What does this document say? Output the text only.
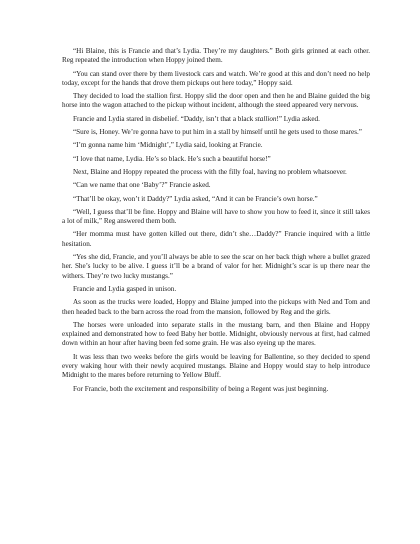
“Hi Blaine, this is Francie and that’s Lydia. They’re my daughters.” Both girls grinned at each other. Reg repeated the introduction when Hoppy joined them.

“You can stand over there by them livestock cars and watch. We’re good at this and don’t need no help today, except for the hands that drove them pickups out here today,” Hoppy said.

They decided to load the stallion first. Hoppy slid the door open and then he and Blaine guided the big horse into the wagon attached to the pickup without incident, although the steed appeared very nervous.

Francie and Lydia stared in disbelief. “Daddy, isn’t that a black stallion!” Lydia asked.

“Sure is, Honey. We’re gonna have to put him in a stall by himself until he gets used to those mares.”

“I’m gonna name him ‘Midnight’,” Lydia said, looking at Francie.

“I love that name, Lydia. He’s so black. He’s such a beautiful horse!”

Next, Blaine and Hoppy repeated the process with the filly foal, having no problem whatsoever.

“Can we name that one ‘Baby’?” Francie asked.

“That’ll be okay, won’t it Daddy?” Lydia asked, “And it can be Francie’s own horse.”

“Well, I guess that’ll be fine. Hoppy and Blaine will have to show you how to feed it, since it still takes a lot of milk,” Reg answered them both.

“Her momma must have gotten killed out there, didn’t she…Daddy?” Francie inquired with a little hesitation.

“Yes she did, Francie, and you’ll always be able to see the scar on her back thigh where a bullet grazed her. She’s lucky to be alive. I guess it’ll be a brand of valor for her. Midnight’s scar is up there near the withers. They’re two lucky mustangs.”

Francie and Lydia gasped in unison.

As soon as the trucks were loaded, Hoppy and Blaine jumped into the pickups with Ned and Tom and then headed back to the barn across the road from the mansion, followed by Reg and the girls.

The horses were unloaded into separate stalls in the mustang barn, and then Blaine and Hoppy explained and demonstrated how to feed Baby her bottle. Midnight, obviously nervous at first, had calmed down within an hour after having been fed some grain. He was also eyeing up the mares.

It was less than two weeks before the girls would be leaving for Ballentine, so they decided to spend every waking hour with their newly acquired mustangs. Blaine and Hoppy would stay to help introduce Midnight to the mares before returning to Yellow Bluff.

For Francie, both the excitement and responsibility of being a Regent was just beginning.
